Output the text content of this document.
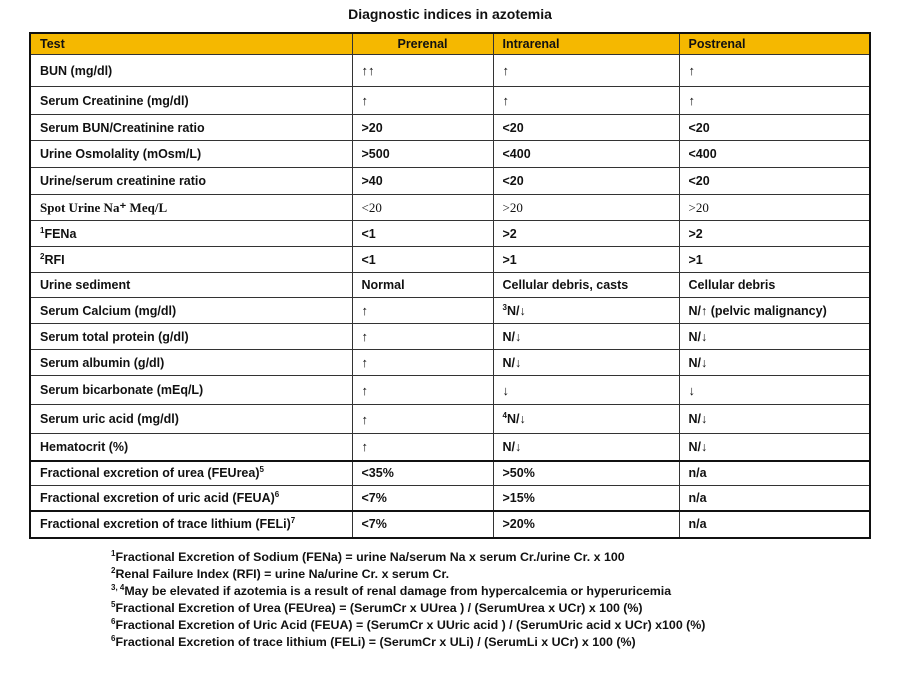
Diagnostic indices in azotemia
Test	Prerenal	Intrarenal	Postrenal
BUN (mg/dl)	↑↑	↑	↑
Serum Creatinine (mg/dl)	↑	↑	↑
Serum BUN/Creatinine ratio	>20	<20	<20
Urine Osmolality (mOsm/L)	>500	<400	<400
Urine/serum creatinine ratio	>40	<20	<20
Spot Urine Na⁺ Meq/L	<20	>20	>20
$^1$FENa	<1	>2	>2
$^2$RFI	<1	>1	>1
Urine sediment	Normal	Cellular debris, casts	Cellular debris
Serum Calcium (mg/dl)	↑	$^3$N/↓	N/↑ (pelvic malignancy)
Serum total protein (g/dl)	↑	N/↓	N/↓
Serum albumin (g/dl)	↑	N/↓	N/↓
Serum bicarbonate (mEq/L)	↑	↓	↓
Serum uric acid (mg/dl)	↑	$^4$N/↓	N/↓
Hematocrit (%)	↑	N/↓	N/↓
Fractional excretion of urea (FEUrea)$^5$	<35%	>50%	n/a
Fractional excretion of uric acid (FEUA)$^6$	<7%	>15%	n/a
Fractional excretion of trace lithium (FELi)$^7$	<7%	>20%	n/a
$^1$Fractional Excretion of Sodium (FENa) = urine Na/serum Na x serum Cr./urine Cr. x 100
$^2$Renal Failure Index (RFI) = urine Na/urine Cr. x serum Cr.
$^{3, 4}$May be elevated if azotemia is a result of renal damage from hypercalcemia or hyperuricemia
$^5$Fractional Excretion of Urea (FEUrea) = (SerumCr x UUrea ) / (SerumUrea x UCr) x 100 (%)
$^6$Fractional Excretion of Uric Acid (FEUA) = (SerumCr x UUric acid ) / (SerumUric acid x UCr) x100 (%)
$^6$Fractional Excretion of trace lithium (FELi) = (SerumCr x ULi) / (SerumLi x UCr) x 100 (%)
